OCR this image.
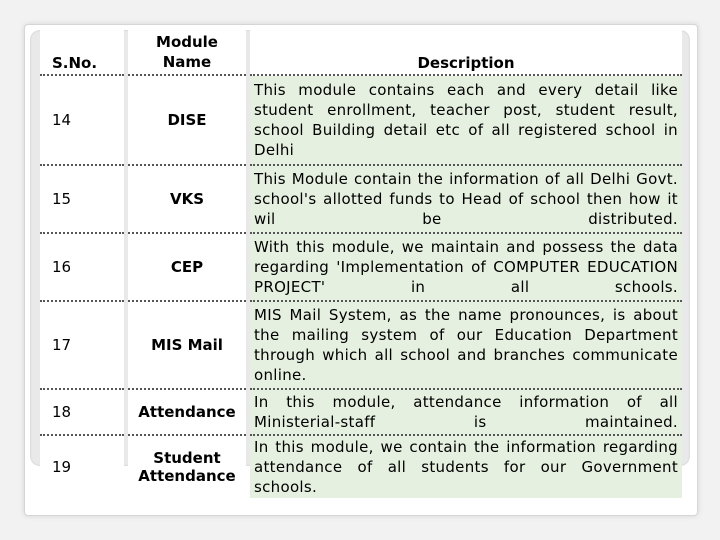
S.No.	Module Name	Description
14	DISE	This module contains each and every detail like student enrollment, teacher post, student result, school Building detail etc of all registered school in Delhi
15	VKS	This Module contain the information of all Delhi Govt. school's allotted funds to Head of school then how it wil be distributed.
16	CEP	With this module, we maintain and possess the data regarding 'Implementation of COMPUTER EDUCATION PROJECT' in all schools.
17	MIS Mail	MIS Mail System, as the name pronounces, is about the mailing system of our Education Department through which all school and branches communicate online.
18	Attendance	In this module, attendance information of all Ministerial-staff is maintained.
19	Student Attendance	In this module, we contain the information regarding attendance of all students for our Government schools.
